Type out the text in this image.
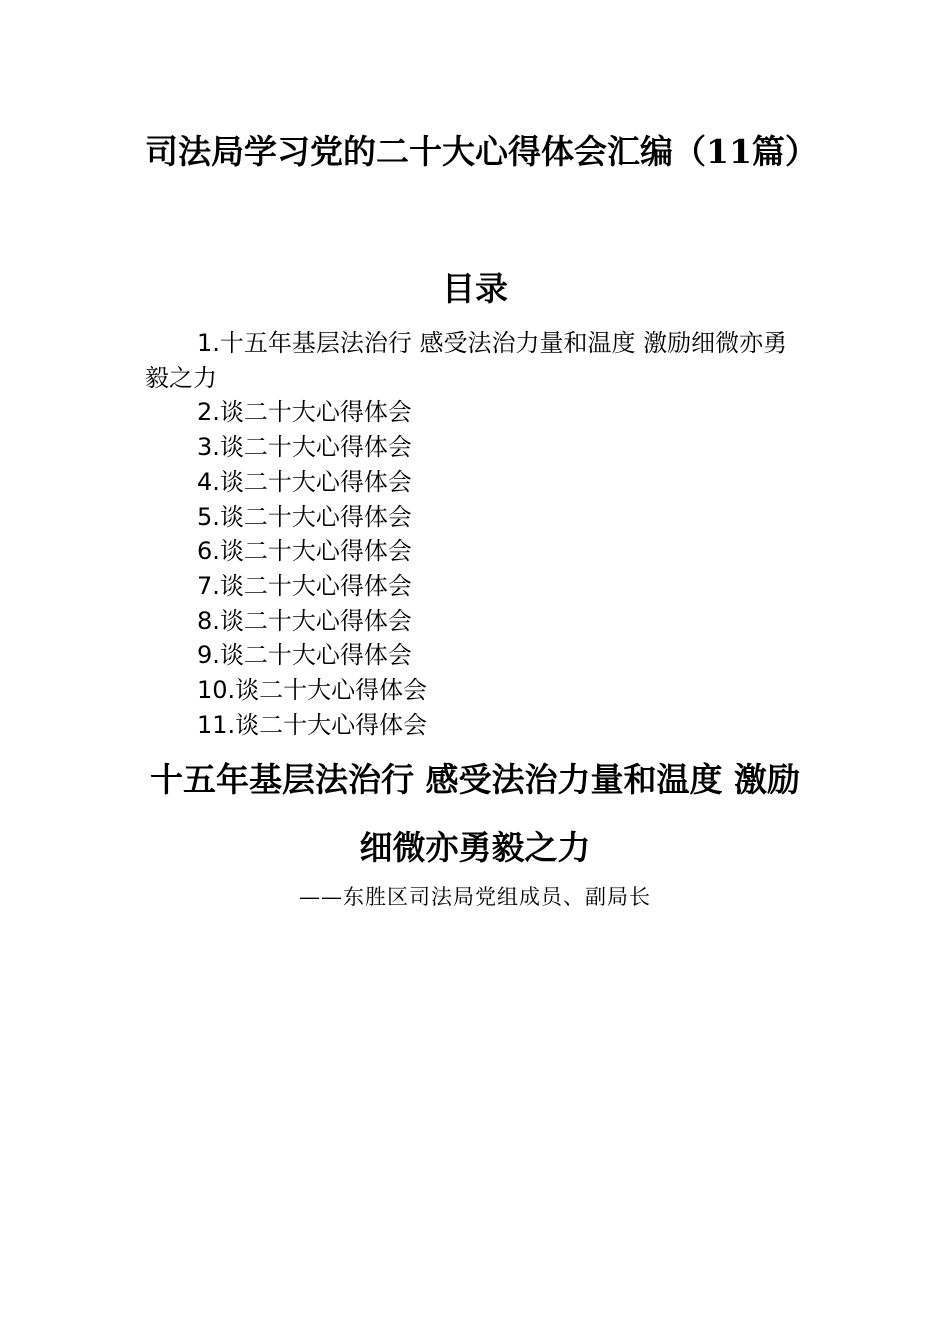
司法局学习党的二十大心得体会汇编（11篇）
目录
1.十五年基层法治行 感受法治力量和温度 激励细微亦勇毅之力
2.谈二十大心得体会
3.谈二十大心得体会
4.谈二十大心得体会
5.谈二十大心得体会
6.谈二十大心得体会
7.谈二十大心得体会
8.谈二十大心得体会
9.谈二十大心得体会
10.谈二十大心得体会
11.谈二十大心得体会
十五年基层法治行 感受法治力量和温度 激励细微亦勇毅之力

——东胜区司法局党组成员、副局长
